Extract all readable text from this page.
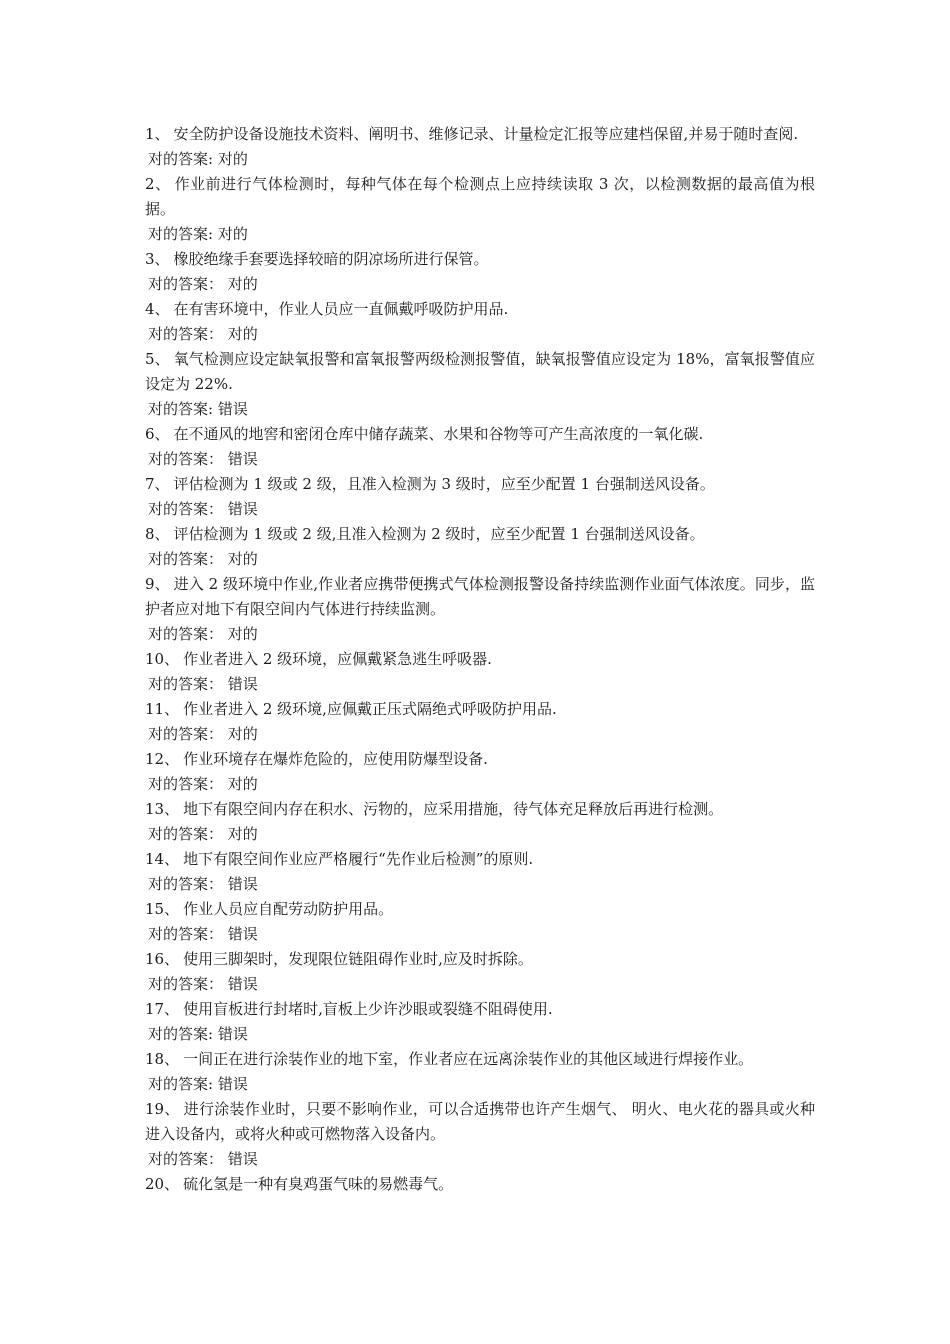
1、 安全防护设备设施技术资料、阐明书、维修记录、计量检定汇报等应建档保留,并易于随时查阅.

对的答案: 对的

2、 作业前进行气体检测时，每种气体在每个检测点上应持续读取 3 次，以检测数据的最高值为根据。

对的答案: 对的

3、 橡胶绝缘手套要选择较暗的阴凉场所进行保管。

对的答案： 对的

4、 在有害环境中，作业人员应一直佩戴呼吸防护用品.

对的答案： 对的

5、 氧气检测应设定缺氧报警和富氧报警两级检测报警值，缺氧报警值应设定为 18%，富氧报警值应设定为 22%.

对的答案: 错误

6、 在不通风的地窖和密闭仓库中储存蔬菜、水果和谷物等可产生高浓度的一氧化碳.

对的答案： 错误

7、 评估检测为 1 级或 2 级，且准入检测为 3 级时，应至少配置 1 台强制送风设备。

对的答案： 错误

8、 评估检测为 1 级或 2 级,且准入检测为 2 级时，应至少配置 1 台强制送风设备。

对的答案： 对的

9、 进入 2 级环境中作业,作业者应携带便携式气体检测报警设备持续监测作业面气体浓度。同步，监护者应对地下有限空间内气体进行持续监测。

对的答案： 对的

10、 作业者进入 2 级环境，应佩戴紧急逃生呼吸器.

对的答案： 错误

11、 作业者进入 2 级环境,应佩戴正压式隔绝式呼吸防护用品.

对的答案： 对的

12、 作业环境存在爆炸危险的，应使用防爆型设备.

对的答案： 对的

13、 地下有限空间内存在积水、污物的，应采用措施，待气体充足释放后再进行检测。

对的答案： 对的

14、 地下有限空间作业应严格履行“先作业后检测”的原则.

对的答案： 错误

15、 作业人员应自配劳动防护用品。

对的答案： 错误

16、 使用三脚架时，发现限位链阻碍作业时,应及时拆除。

对的答案： 错误

17、 使用盲板进行封堵时,盲板上少许沙眼或裂缝不阻碍使用.

对的答案: 错误

18、 一间正在进行涂装作业的地下室，作业者应在远离涂装作业的其他区域进行焊接作业。

对的答案: 错误

19、 进行涂装作业时，只要不影响作业，可以合适携带也许产生烟气、 明火、电火花的器具或火种进入设备内，或将火种或可燃物落入设备内。

对的答案： 错误

20、 硫化氢是一种有臭鸡蛋气味的易燃毒气。
